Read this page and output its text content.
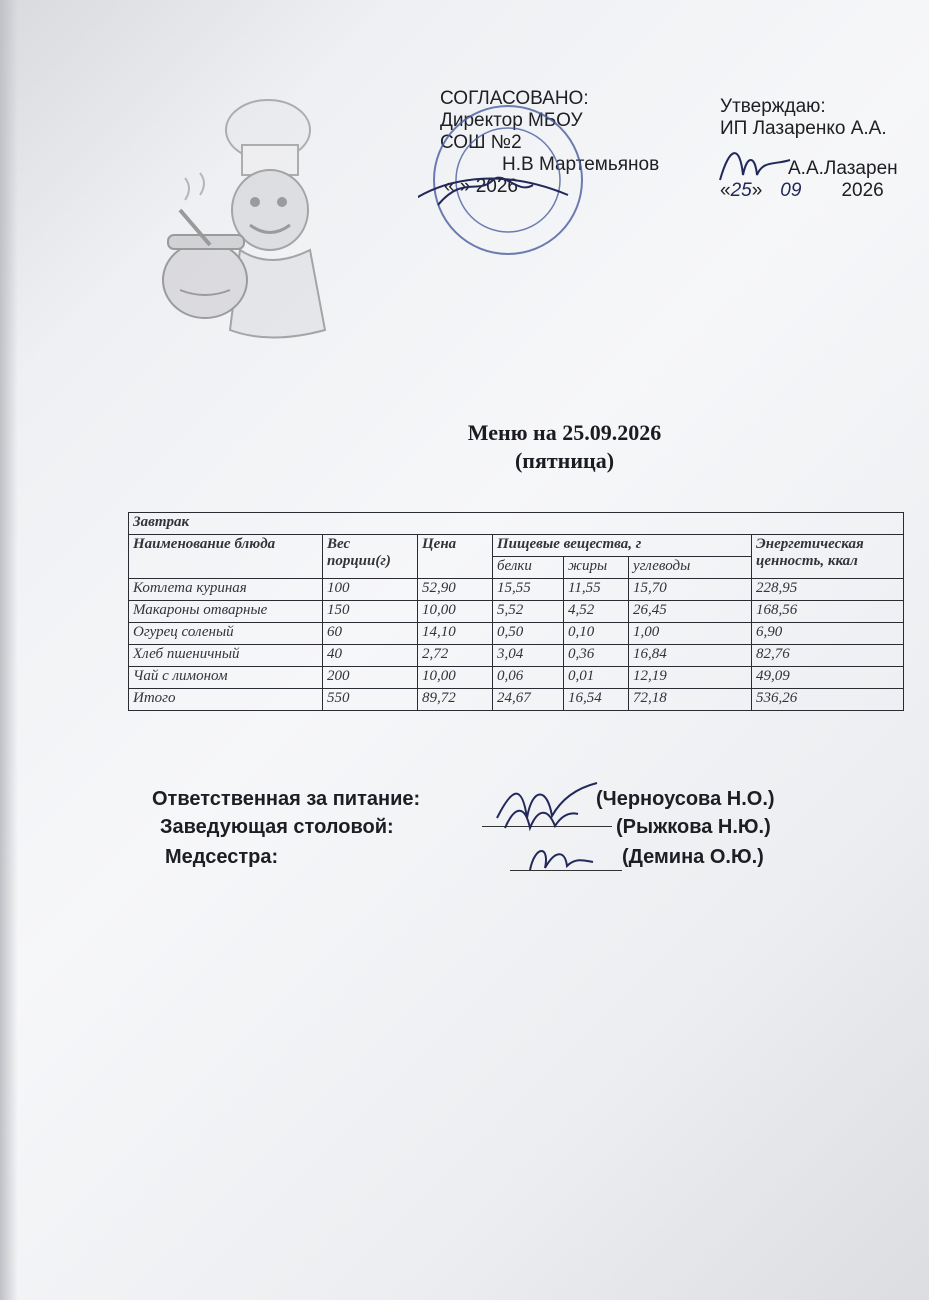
СОГЛАСОВАНО:
Директор МБОУ
СОШ №2
Н.В Мартемьянов
« » 2026
Утверждаю:
ИП Лазаренко А.А.
А.А.Лазарен
«25» 09 2026
Меню на 25.09.2026
(пятница)
Завтрак						
Наименование блюда	Вес порции(г)	Цена	Пищевые вещества, г			Энергетическая ценность, ккал
			белки	жиры	углеводы	
Котлета куриная	100	52,90	15,55	11,55	15,70	228,95
Макароны отварные	150	10,00	5,52	4,52	26,45	168,56
Огурец соленый	60	14,10	0,50	0,10	1,00	6,90
Хлеб пшеничный	40	2,72	3,04	0,36	16,84	82,76
Чай с лимоном	200	10,00	0,06	0,01	12,19	49,09
Итого	550	89,72	24,67	16,54	72,18	536,26
Ответственная за питание:	(Черноусова Н.О.)
Заведующая столовой:	(Рыжкова Н.Ю.)
Медсестра:	(Демина О.Ю.)
